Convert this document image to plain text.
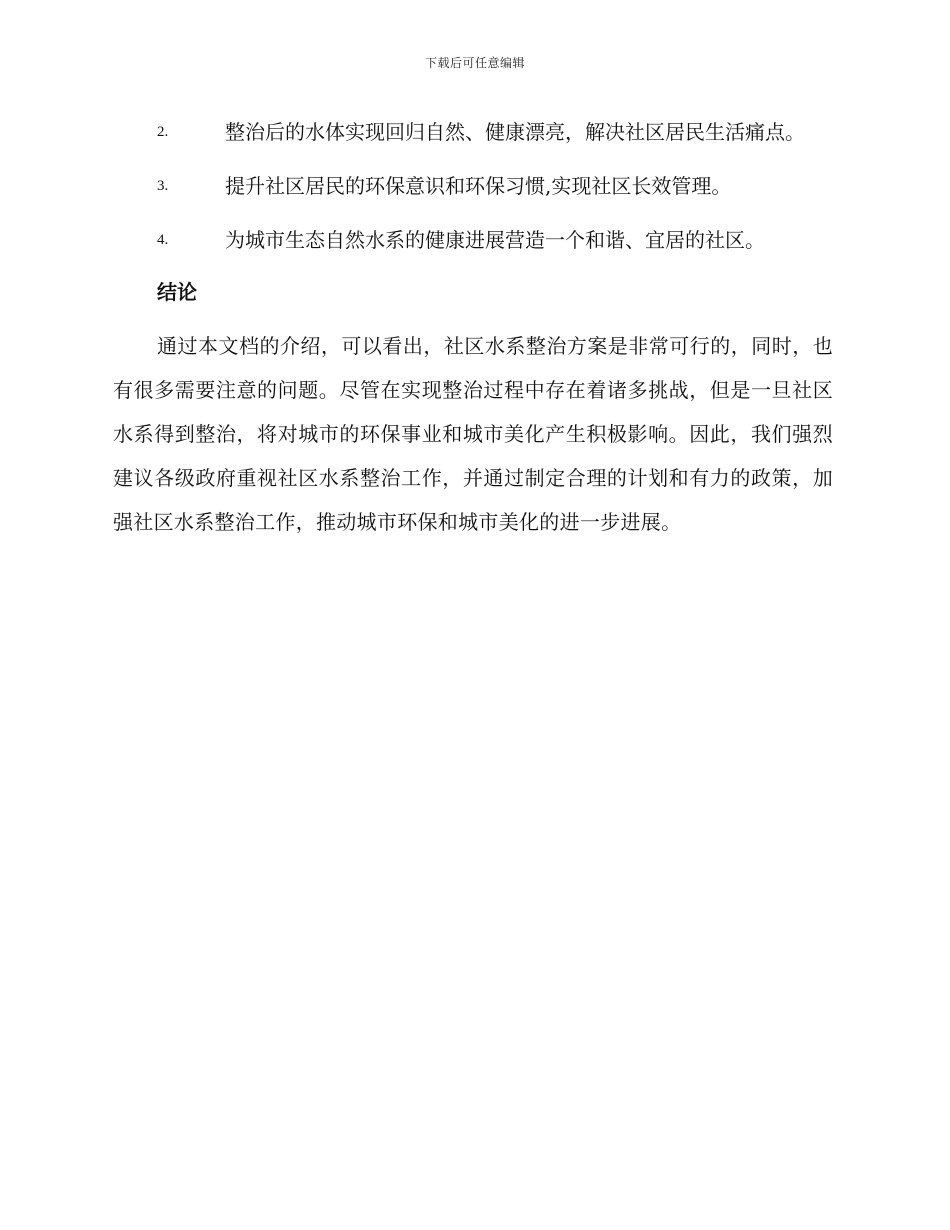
下载后可任意编辑
2.	整治后的水体实现回归自然、健康漂亮，解决社区居民生活痛点。
3.	提升社区居民的环保意识和环保习惯,实现社区长效管理。
4.	为城市生态自然水系的健康进展营造一个和谐、宜居的社区。
结论
通过本文档的介绍，可以看出，社区水系整治方案是非常可行的，同时，也有很多需要注意的问题。尽管在实现整治过程中存在着诸多挑战，但是一旦社区水系得到整治，将对城市的环保事业和城市美化产生积极影响。因此，我们强烈建议各级政府重视社区水系整治工作，并通过制定合理的计划和有力的政策，加强社区水系整治工作，推动城市环保和城市美化的进一步进展。
